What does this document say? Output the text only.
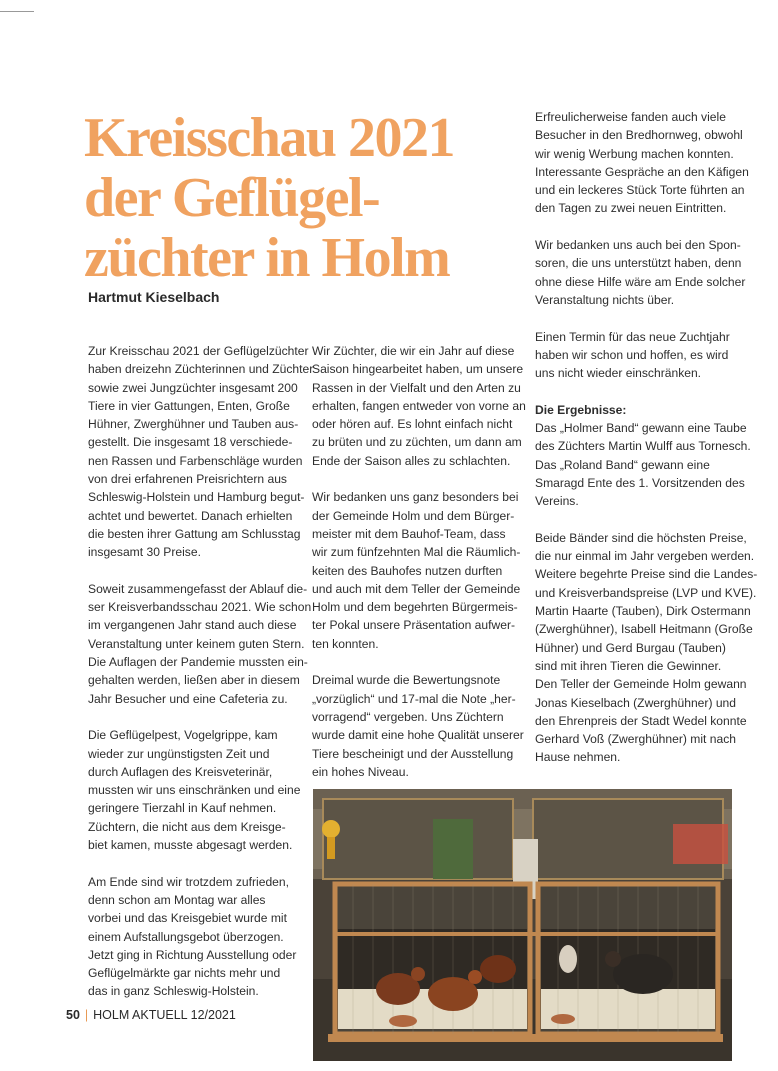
Kreisschau 2021
der Geflügel-
züchter in Holm
Hartmut Kieselbach

Zur Kreisschau 2021 der Geflügelzüchter
haben dreizehn Züchterinnen und Züchter
sowie zwei Jungzüchter insgesamt 200
Tiere in vier Gattungen, Enten, Große
Hühner, Zwerghühner und Tauben aus-
gestellt. Die insgesamt 18 verschiede-
nen Rassen und Farbenschläge wurden
von drei erfahrenen Preisrichtern aus
Schleswig-Holstein und Hamburg begut-
achtet und bewertet. Danach erhielten
die besten ihrer Gattung am Schlusstag
insgesamt 30 Preise.

Soweit zusammengefasst der Ablauf die-
ser Kreisverbandsschau 2021. Wie schon
im vergangenen Jahr stand auch diese
Veranstaltung unter keinem guten Stern.
Die Auflagen der Pandemie mussten ein-
gehalten werden, ließen aber in diesem
Jahr Besucher und eine Cafeteria zu.

Die Geflügelpest, Vogelgrippe, kam
wieder zur ungünstigsten Zeit und
durch Auflagen des Kreisveterinär,
mussten wir uns einschränken und eine
geringere Tierzahl in Kauf nehmen.
Züchtern, die nicht aus dem Kreisge-
biet kamen, musste abgesagt werden.

Am Ende sind wir trotzdem zufrieden,
denn schon am Montag war alles
vorbei und das Kreisgebiet wurde mit
einem Aufstallungsgebot überzogen.
Jetzt ging in Richtung Ausstellung oder
Geflügelmärkte gar nichts mehr und
das in ganz Schleswig-Holstein.

Wir Züchter, die wir ein Jahr auf diese
Saison hingearbeitet haben, um unsere
Rassen in der Vielfalt und den Arten zu
erhalten, fangen entweder von vorne an
oder hören auf. Es lohnt einfach nicht
zu brüten und zu züchten, um dann am
Ende der Saison alles zu schlachten.

Wir bedanken uns ganz besonders bei
der Gemeinde Holm und dem Bürger-
meister mit dem Bauhof-Team, dass
wir zum fünfzehnten Mal die Räumlich-
keiten des Bauhofes nutzen durften
und auch mit dem Teller der Gemeinde
Holm und dem begehrten Bürgermeis-
ter Pokal unsere Präsentation aufwer-
ten konnten.

Dreimal wurde die Bewertungsnote
„vorzüglich“ und 17-mal die Note „her-
vorragend“ vergeben. Uns Züchtern
wurde damit eine hohe Qualität unserer
Tiere bescheinigt und der Ausstellung
ein hohes Niveau.

Erfreulicherweise fanden auch viele
Besucher in den Bredhornweg, obwohl
wir wenig Werbung machen konnten.
Interessante Gespräche an den Käfigen
und ein leckeres Stück Torte führten an
den Tagen zu zwei neuen Eintritten.

Wir bedanken uns auch bei den Spon-
soren, die uns unterstützt haben, denn
ohne diese Hilfe wäre am Ende solcher
Veranstaltung nichts über.

Einen Termin für das neue Zuchtjahr
haben wir schon und hoffen, es wird
uns nicht wieder einschränken.

Die Ergebnisse:

Das „Holmer Band“ gewann eine Taube
des Züchters Martin Wulff aus Tornesch.
Das „Roland Band“ gewann eine
Smaragd Ente des 1. Vorsitzenden des
Vereins.

Beide Bänder sind die höchsten Preise,
die nur einmal im Jahr vergeben werden.
Weitere begehrte Preise sind die Landes-
und Kreisverbandspreise (LVP und KVE).
Martin Haarte (Tauben), Dirk Ostermann
(Zwerghühner), Isabell Heitmann (Große
Hühner) und Gerd Burgau (Tauben)
sind mit ihren Tieren die Gewinner.
Den Teller der Gemeinde Holm gewann
Jonas Kieselbach (Zwerghühner) und
den Ehrenpreis der Stadt Wedel konnte
Gerhard Voß (Zwerghühner) mit nach
Hause nehmen.

50 | HOLM AKTUELL 12/2021
